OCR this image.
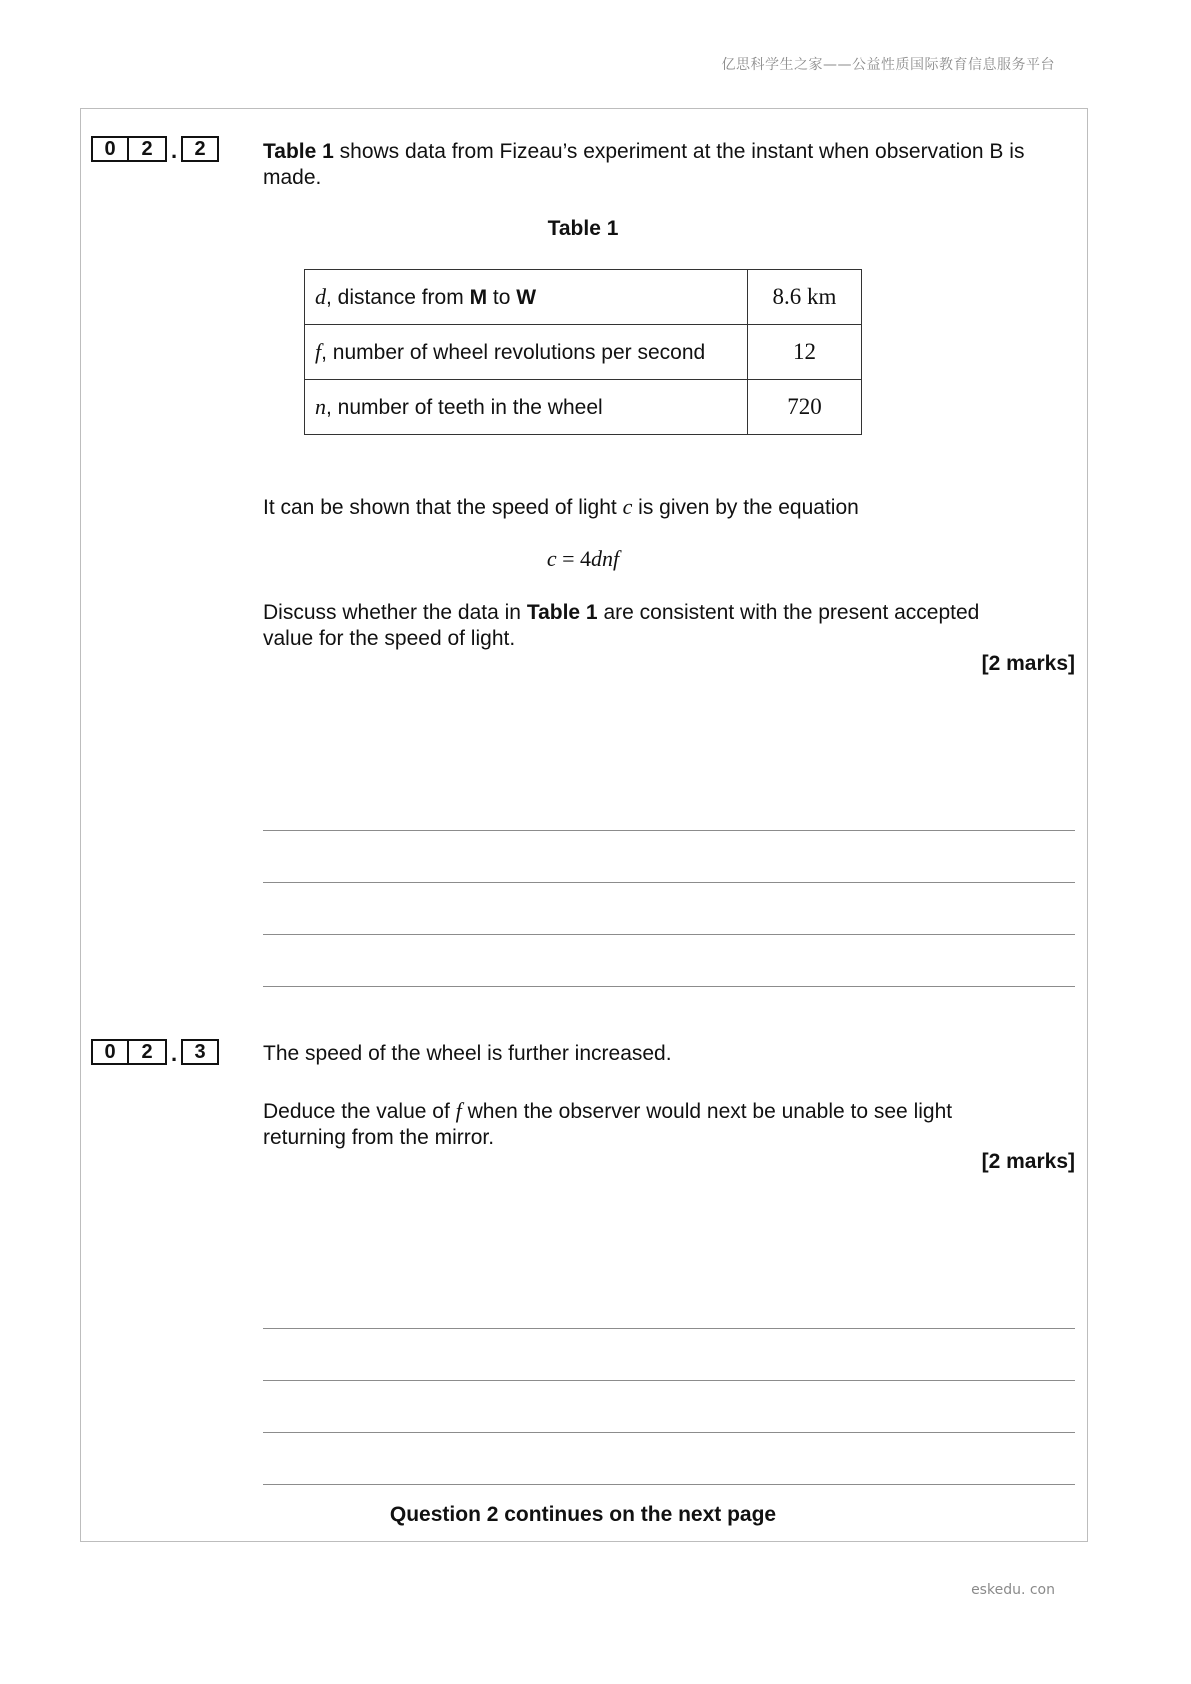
亿思科学生之家——公益性质国际教育信息服务平台
0	2 . 2	Table 1 shows data from Fizeau’s experiment at the instant when observation B is
made.
Table 1
d, distance from M to W	8.6 km
f, number of wheel revolutions per second	12
n, number of teeth in the wheel	720
It can be shown that the speed of light c is given by the equation
c = 4dnf
Discuss whether the data in Table 1 are consistent with the present accepted
value for the speed of light.
[2 marks]
0	2 . 3	The speed of the wheel is further increased.
Deduce the value of f when the observer would next be unable to see light
returning from the mirror.
[2 marks]
Question 2 continues on the next page
eskedu. con
